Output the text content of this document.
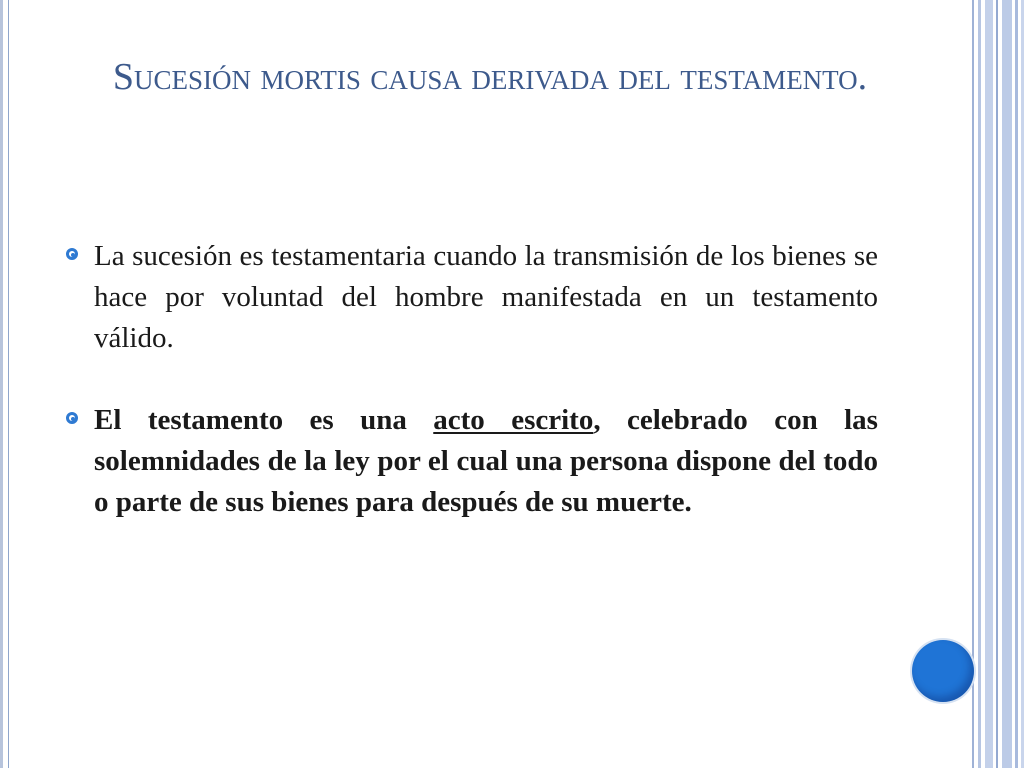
Sucesión mortis causa derivada del testamento.
La sucesión es testamentaria cuando la transmisión de los bienes se hace por voluntad del hombre manifestada en un testamento válido.
El testamento es una acto escrito, celebrado con las solemnidades de la ley por el cual una persona dispone del todo o parte de sus bienes para después de su muerte.
